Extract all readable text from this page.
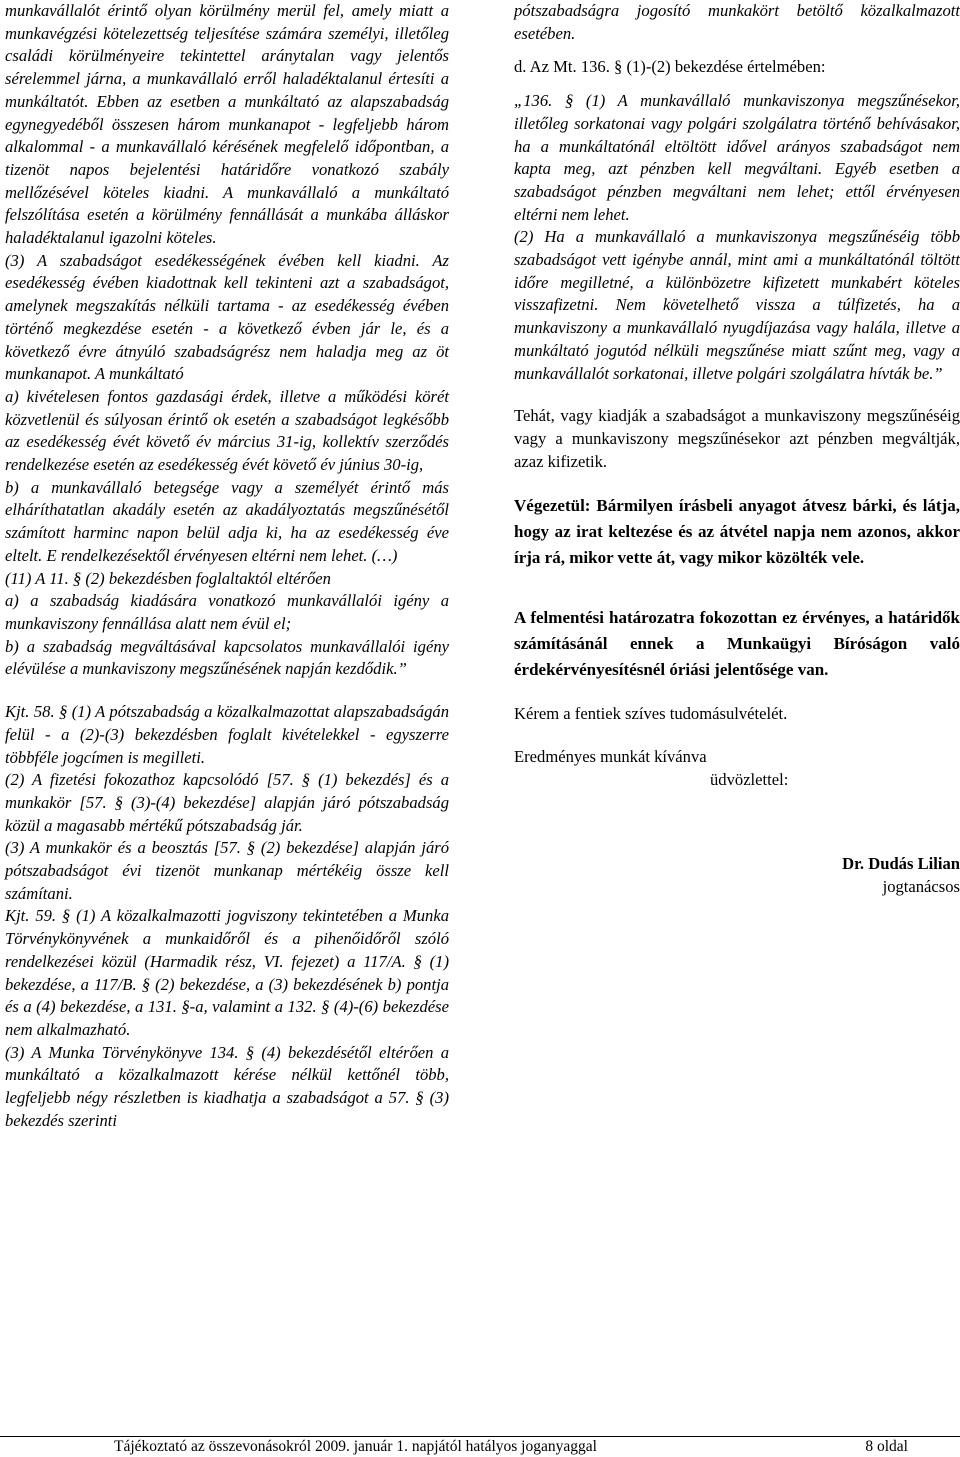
munkavállalót érintő olyan körülmény merül fel, amely miatt a munkavégzési kötelezettség teljesítése számára személyi, illetőleg családi körülményeire tekintettel aránytalan vagy jelentős sérelemmel járna, a munkavállaló erről haladéktalanul értesíti a munkáltatót. Ebben az esetben a munkáltató az alapszabadság egynegyedéből összesen három munkanapot - legfeljebb három alkalommal - a munkavállaló kérésének megfelelő időpontban, a tizenöt napos bejelentési határidőre vonatkozó szabály mellőzésével köteles kiadni. A munkavállaló a munkáltató felszólítása esetén a körülmény fennállását a munkába álláskor haladéktalanul igazolni köteles.

(3) A szabadságot esedékességének évében kell kiadni. Az esedékesség évében kiadottnak kell tekinteni azt a szabadságot, amelynek megszakítás nélküli tartama - az esedékesség évében történő megkezdése esetén - a következő évben jár le, és a következő évre átnyúló szabadságrész nem haladja meg az öt munkanapot. A munkáltató

a) kivételesen fontos gazdasági érdek, illetve a működési körét közvetlenül és súlyosan érintő ok esetén a szabadságot legkésőbb az esedékesség évét követő év március 31-ig, kollektív szerződés rendelkezése esetén az esedékesség évét követő év június 30-ig,

b) a munkavállaló betegsége vagy a személyét érintő más elháríthatatlan akadály esetén az akadályoztatás megszűnésétől számított harminc napon belül adja ki, ha az esedékesség éve eltelt. E rendelkezésektől érvényesen eltérni nem lehet. (…)

(11) A 11. § (2) bekezdésben foglaltaktól eltérően

a) a szabadság kiadására vonatkozó munkavállalói igény a munkaviszony fennállása alatt nem évül el;

b) a szabadság megváltásával kapcsolatos munkavállalói igény elévülése a munkaviszony megszűnésének napján kezdődik.”

Kjt. 58. § (1) A pótszabadság a közalkalmazottat alapszabadságán felül - a (2)-(3) bekezdésben foglalt kivételekkel - egyszerre többféle jogcímen is megilleti.

(2) A fizetési fokozathoz kapcsolódó [57. § (1) bekezdés] és a munkakör [57. § (3)-(4) bekezdése] alapján járó pótszabadság közül a magasabb mértékű pótszabadság jár.

(3) A munkakör és a beosztás [57. § (2) bekezdése] alapján járó pótszabadságot évi tizenöt munkanap mértékéig össze kell számítani.

Kjt. 59. § (1) A közalkalmazotti jogviszony tekintetében a Munka Törvénykönyvének a munkaidőről és a pihenőidőről szóló rendelkezései közül (Harmadik rész, VI. fejezet) a 117/A. § (1) bekezdése, a 117/B. § (2) bekezdése, a (3) bekezdésének b) pontja és a (4) bekezdése, a 131. §-a, valamint a 132. § (4)-(6) bekezdése nem alkalmazható.

(3) A Munka Törvénykönyve 134. § (4) bekezdésétől eltérően a munkáltató a közalkalmazott kérése nélkül kettőnél több, legfeljebb négy részletben is kiadhatja a szabadságot a 57. § (3) bekezdés szerinti

pótszabadságra jogosító munkakört betöltő közalkalmazott esetében.

d. Az Mt. 136. § (1)-(2) bekezdése értelmében:

„136. § (1) A munkavállaló munkaviszonya megszűnésekor, illetőleg sorkatonai vagy polgári szolgálatra történő behívásakor, ha a munkáltatónál eltöltött idővel arányos szabadságot nem kapta meg, azt pénzben kell megváltani. Egyéb esetben a szabadságot pénzben megváltani nem lehet; ettől érvényesen eltérni nem lehet.

(2) Ha a munkavállaló a munkaviszonya megszűnéséig több szabadságot vett igénybe annál, mint ami a munkáltatónál töltött időre megilletné, a különbözetre kifizetett munkabért köteles visszafizetni. Nem követelhető vissza a túlfizetés, ha a munkaviszony a munkavállaló nyugdíjazása vagy halála, illetve a munkáltató jogutód nélküli megszűnése miatt szűnt meg, vagy a munkavállalót sorkatonai, illetve polgári szolgálatra hívták be.”

Tehát, vagy kiadják a szabadságot a munkaviszony megszűnéséig vagy a munkaviszony megszűnésekor azt pénzben megváltják, azaz kifizetik.

Végezetül: Bármilyen írásbeli anyagot átvesz bárki, és látja, hogy az irat keltezése és az átvétel napja nem azonos, akkor írja rá, mikor vette át, vagy mikor közölték vele.

A felmentési határozatra fokozottan ez érvényes, a határidők számításánál ennek a Munkaügyi Bíróságon való érdekérvényesítésnél óriási jelentősége van.

Kérem a fentiek szíves tudomásulvételét.

Eredményes munkát kívánva

üdvözlettel:

Dr. Dudás Lilian

jogtanácsos

Tájékoztató az összevonásokról 2009. január 1. napjától hatályos joganyaggal	8 oldal
